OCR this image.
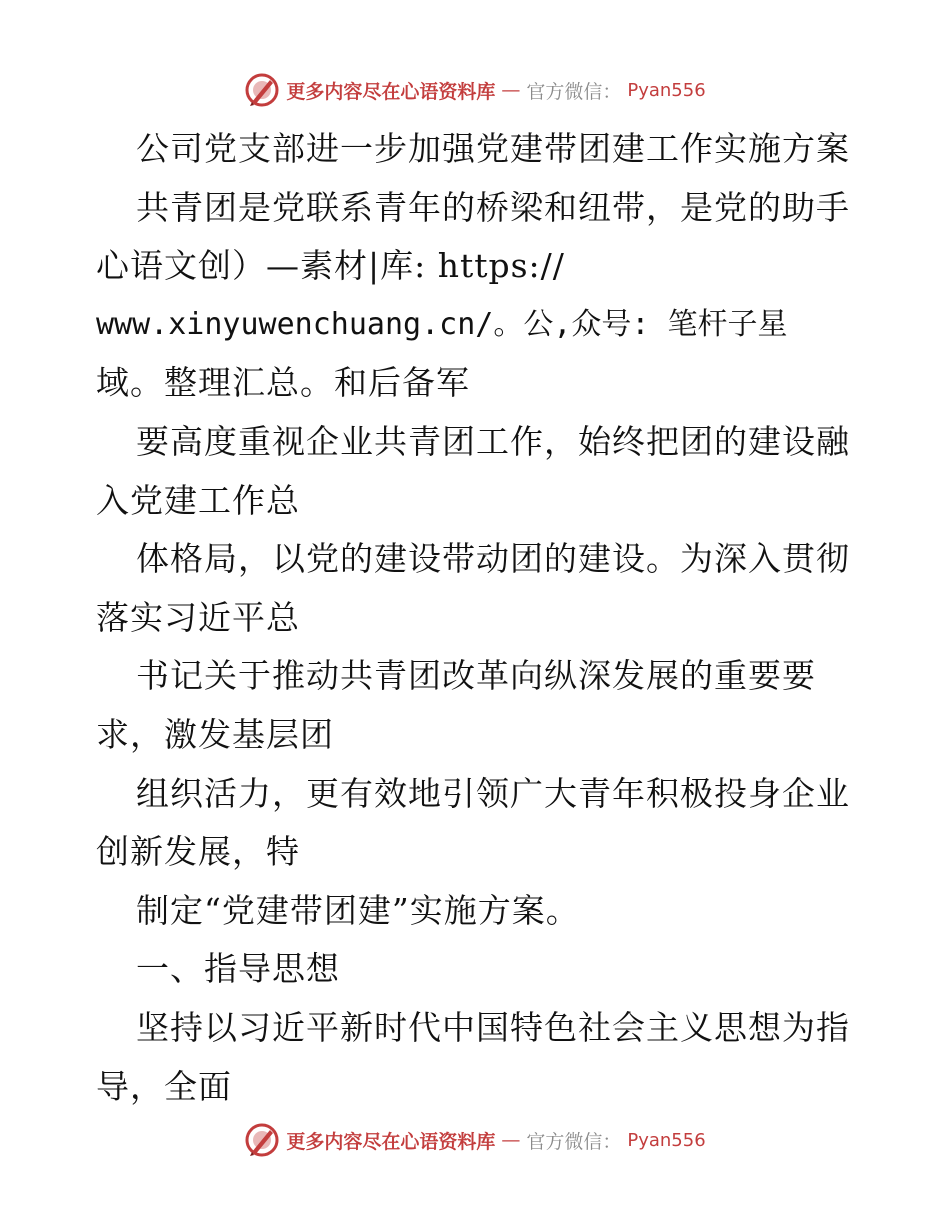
更多内容尽在心语资料库 — 官方微信： Pyan556
公司党支部进一步加强党建带团建工作实施方案
共青团是党联系青年的桥梁和纽带，是党的助手
心语文创）—素材|库: https://
www.xinyuwenchuang.cn/。公,众号: 笔杆子星
域。整理汇总。和后备军
要高度重视企业共青团工作，始终把团的建设融
入党建工作总
体格局，以党的建设带动团的建设。为深入贯彻
落实习近平总
书记关于推动共青团改革向纵深发展的重要要
求，激发基层团
组织活力，更有效地引领广大青年积极投身企业
创新发展，特
制定“党建带团建”实施方案。
一、指导思想
坚持以习近平新时代中国特色社会主义思想为指
导，全面
更多内容尽在心语资料库 — 官方微信： Pyan556
